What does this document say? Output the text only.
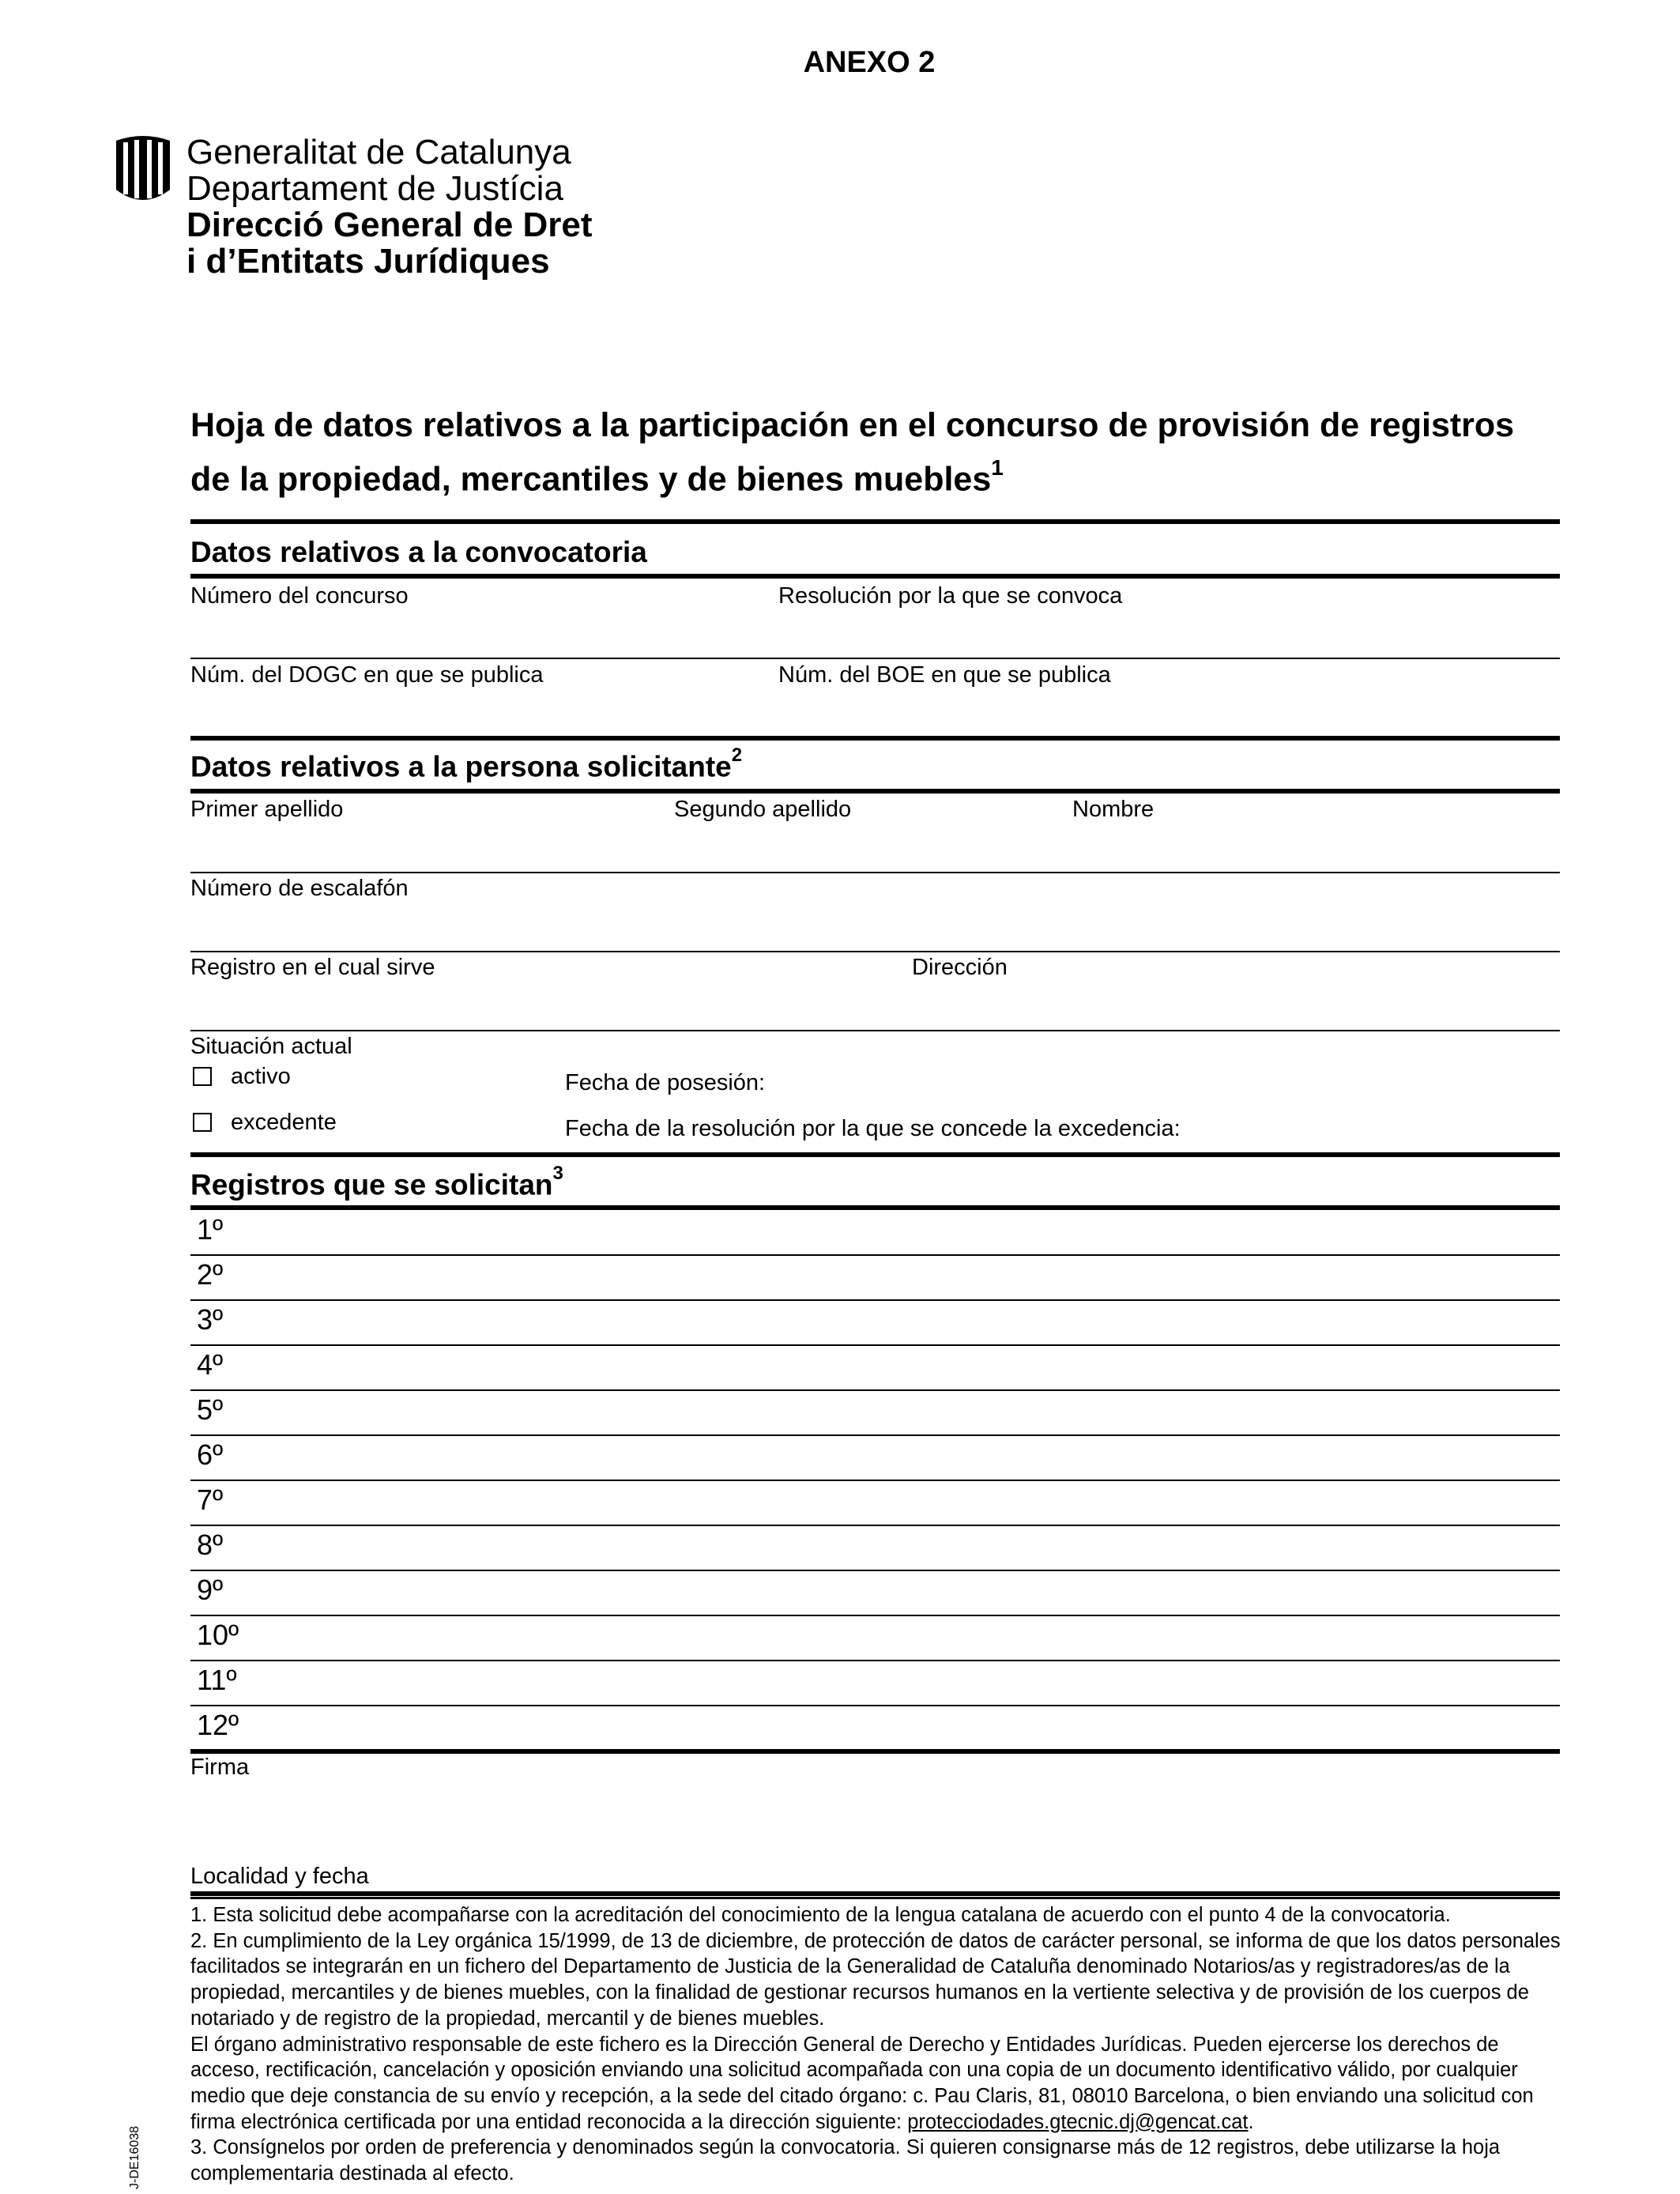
ANEXO 2
Generalitat de Catalunya
Departament de Justícia
Direcció General de Dret
i d’Entitats Jurídiques
Hoja de datos relativos a la participación en el concurso de provisión de registros
de la propiedad, mercantiles y de bienes muebles$^1$
Datos relativos a la convocatoria
Número del concurso	Resolución por la que se convoca
Núm. del DOGC en que se publica	Núm. del BOE en que se publica
Datos relativos a la persona solicitante$^2$
Primer apellido	Segundo apellido	Nombre
Número de escalafón
Registro en el cual sirve	Dirección
Situación actual
activo	Fecha de posesión:
excedente	Fecha de la resolución por la que se concede la excedencia:
Registros que se solicitan$^3$
1º
2º
3º
4º
5º
6º
7º
8º
9º
10º
11º
12º
Firma
Localidad y fecha

1. Esta solicitud debe acompañarse con la acreditación del conocimiento de la lengua catalana de acuerdo con el punto 4 de la convocatoria.

2. En cumplimiento de la Ley orgánica 15/1999, de 13 de diciembre, de protección de datos de carácter personal, se informa de que los datos personales facilitados se integrarán en un fichero del Departamento de Justicia de la Generalidad de Cataluña denominado Notarios/as y registradores/as de la propiedad, mercantiles y de bienes muebles, con la finalidad de gestionar recursos humanos en la vertiente selectiva y de provisión de los cuerpos de notariado y de registro de la propiedad, mercantil y de bienes muebles.

El órgano administrativo responsable de este fichero es la Dirección General de Derecho y Entidades Jurídicas. Pueden ejercerse los derechos de acceso, rectificación, cancelación y oposición enviando una solicitud acompañada con una copia de un documento identificativo válido, por cualquier medio que deje constancia de su envío y recepción, a la sede del citado órgano: c. Pau Claris, 81, 08010 Barcelona, o bien enviando una solicitud con firma electrónica certificada por una entidad reconocida a la dirección siguiente: protecciodades.gtecnic.dj@gencat.cat.

3. Consígnelos por orden de preferencia y denominados según la convocatoria. Si quieren consignarse más de 12 registros, debe utilizarse la hoja complementaria destinada al efecto.

J-DE16038
